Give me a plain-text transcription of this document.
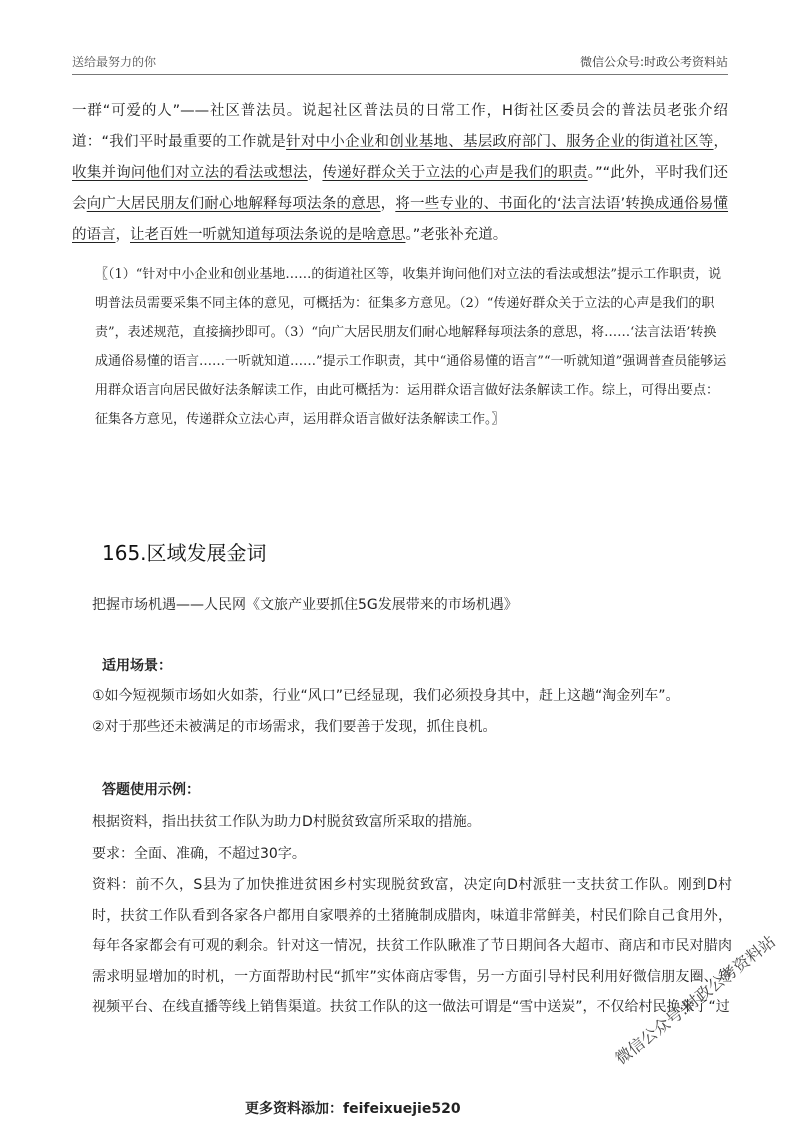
送给最努力的你	微信公众号:时政公考资料站
一群“可爱的人”——社区普法员。说起社区普法员的日常工作，H街社区委员会的普法员老张介绍道：“我们平时最重要的工作就是针对中小企业和创业基地、基层政府部门、服务企业的街道社区等，收集并询问他们对立法的看法或想法，传递好群众关于立法的心声是我们的职责。”“此外，平时我们还会向广大居民朋友们耐心地解释每项法条的意思，将一些专业的、书面化的‘法言法语’转换成通俗易懂的语言，让老百姓一听就知道每项法条说的是啥意思。”老张补充道。
〖（1）“针对中小企业和创业基地……的街道社区等，收集并询问他们对立法的看法或想法”提示工作职责，说明普法员需要采集不同主体的意见，可概括为：征集多方意见。（2）“传递好群众关于立法的心声是我们的职责”，表述规范，直接摘抄即可。（3）“向广大居民朋友们耐心地解释每项法条的意思，将……‘法言法语’转换成通俗易懂的语言……一听就知道……”提示工作职责，其中“通俗易懂的语言”“一听就知道”强调普查员能够运用群众语言向居民做好法条解读工作，由此可概括为：运用群众语言做好法条解读工作。综上，可得出要点：征集各方意见，传递群众立法心声，运用群众语言做好法条解读工作。〗
165.区域发展金词
把握市场机遇——人民网《文旅产业要抓住5G发展带来的市场机遇》
适用场景：
①如今短视频市场如火如荼，行业“风口”已经显现，我们必须投身其中，赶上这趟“淘金列车”。
②对于那些还未被满足的市场需求，我们要善于发现，抓住良机。
答题使用示例：
根据资料，指出扶贫工作队为助力D村脱贫致富所采取的措施。
要求：全面、准确，不超过30字。
资料：前不久，S县为了加快推进贫困乡村实现脱贫致富，决定向D村派驻一支扶贫工作队。刚到D村时，扶贫工作队看到各家各户都用自家喂养的土猪腌制成腊肉，味道非常鲜美，村民们除自己食用外，每年各家都会有可观的剩余。针对这一情况，扶贫工作队瞅准了节日期间各大超市、商店和市民对腊肉需求明显增加的时机，一方面帮助村民“抓牢”实体商店零售，另一方面引导村民利用好微信朋友圈、短视频平台、在线直播等线上销售渠道。扶贫工作队的这一做法可谓是“雪中送炭”，不仅给村民换来了“过
微信公众号:时政公考资料站
更多资料添加：feifeixuejie520
